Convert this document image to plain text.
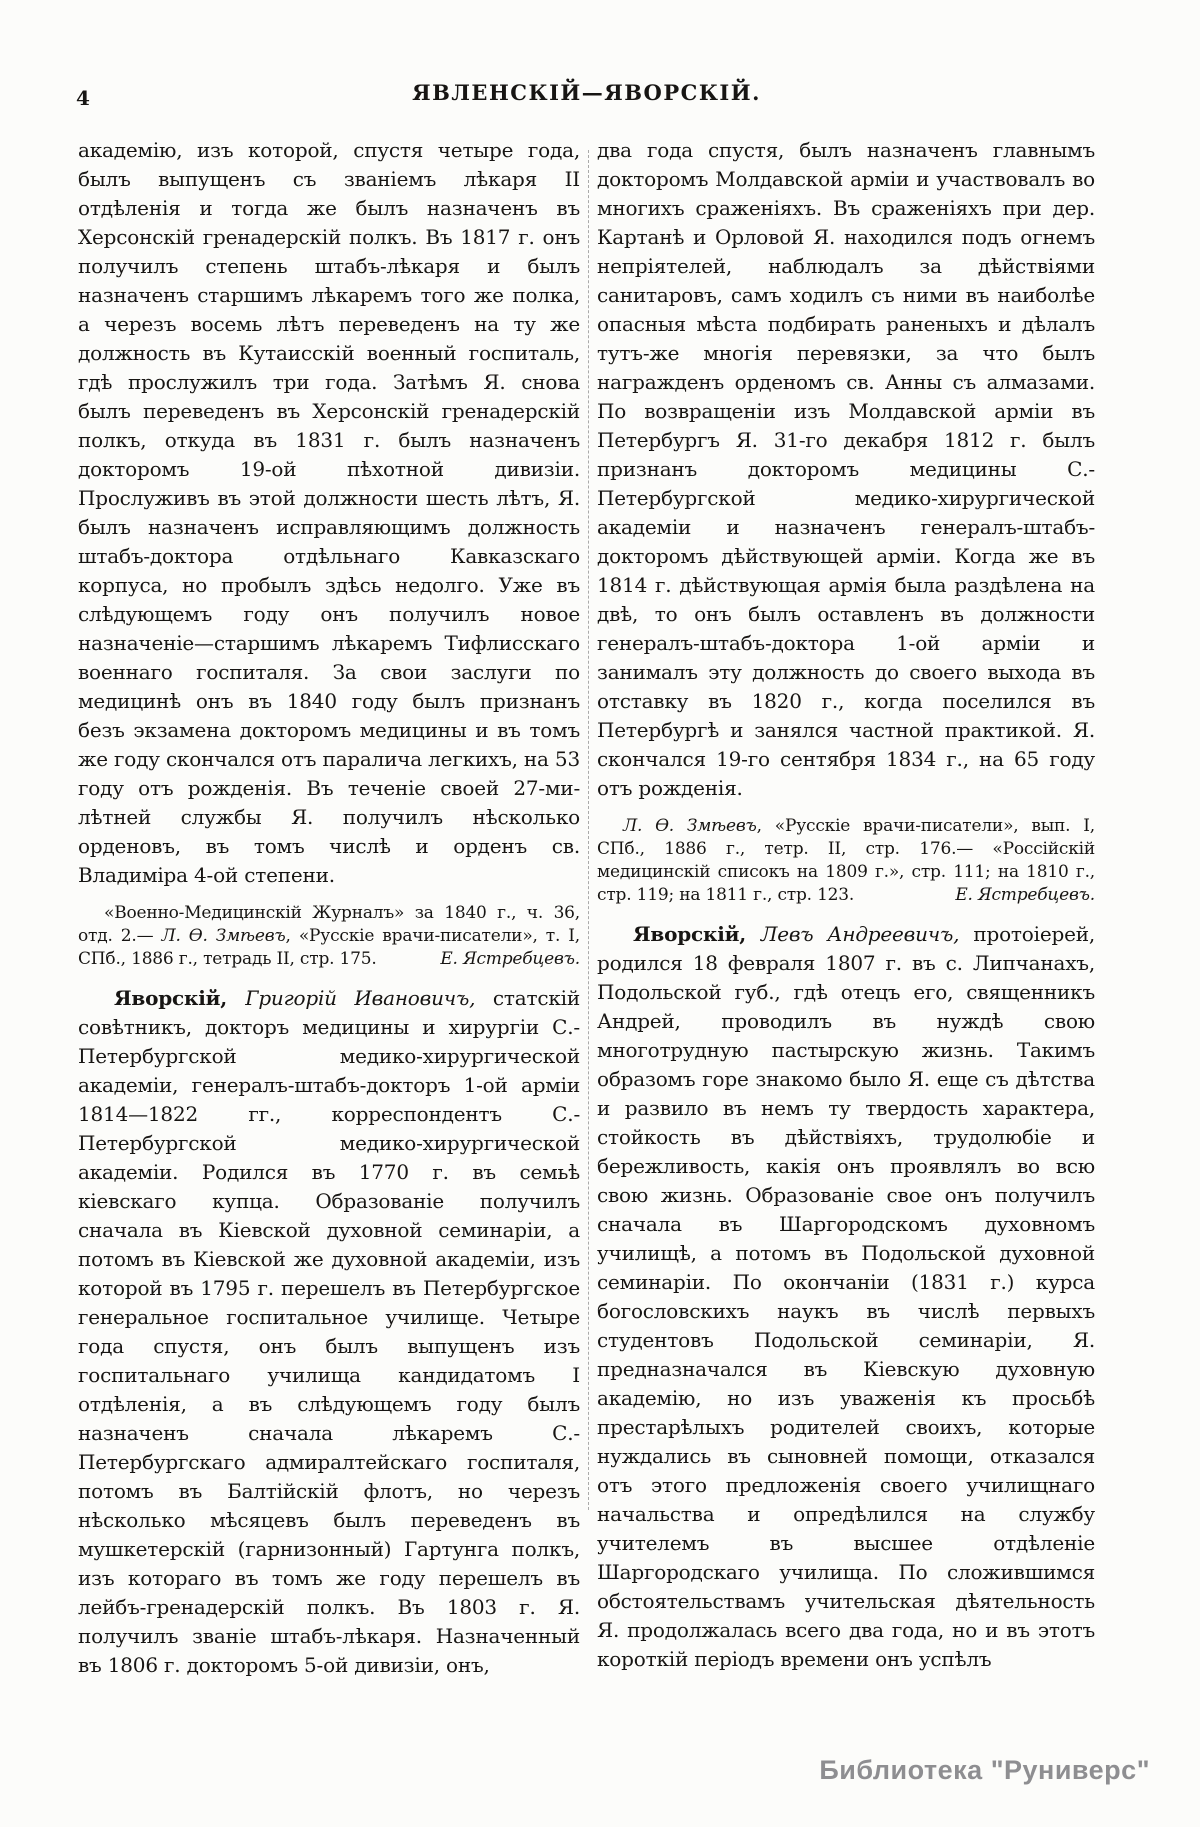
4	ЯВЛЕНСКІЙ—ЯВОРСКІЙ.

академію, изъ которой, спустя четыре года, былъ выпущенъ съ званіемъ лѣкаря II отдѣленія и тогда же былъ назначенъ въ Херсонскій гренадерскій полкъ. Въ 1817 г. онъ получилъ степень штабъ-лѣкаря и былъ назначенъ старшимъ лѣкаремъ того же полка, а черезъ восемь лѣтъ переведенъ на ту же должность въ Кутаисскій военный госпиталь, гдѣ прослужилъ три года. Затѣмъ Я. снова былъ переведенъ въ Херсонскій гренадерскій полкъ, откуда въ 1831 г. былъ назначенъ докторомъ 19-ой пѣхотной дивизіи. Прослуживъ въ этой должности шесть лѣтъ, Я. былъ назначенъ исправляющимъ должность штабъ-доктора отдѣльнаго Кавказскаго корпуса, но пробылъ здѣсь недолго. Уже въ слѣдующемъ году онъ получилъ новое назначеніе—старшимъ лѣкаремъ Тифлисскаго военнаго госпиталя. За свои заслуги по медицинѣ онъ въ 1840 году былъ признанъ безъ экзамена докторомъ медицины и въ томъ же году скончался отъ паралича легкихъ, на 53 году отъ рожденія. Въ теченіе своей 27-ми-лѣтней службы Я. получилъ нѣсколько орденовъ, въ томъ числѣ и орденъ св. Владиміра 4-ой степени.

«Военно-Медицинскій Журналъ» за 1840 г., ч. 36, отд. 2.— Л. Ѳ. Змѣевъ, «Русскіе врачи-писатели», т. I, СПб., 1886 г., тетрадь II, стр. 175.	Е. Ястребцевъ.

Яворскій, Григорій Ивановичъ, статскій совѣтникъ, докторъ медицины и хирургіи С.-Петербургской медико-хирургической академіи, генералъ-штабъ-докторъ 1-ой арміи 1814—1822 гг., корреспондентъ С.-Петербургской медико-хирургической академіи. Родился въ 1770 г. въ семьѣ кіевскаго купца. Образованіе получилъ сначала въ Кіевской духовной семинаріи, а потомъ въ Кіевской же духовной академіи, изъ которой въ 1795 г. перешелъ въ Петербургское генеральное госпитальное училище. Четыре года спустя, онъ былъ выпущенъ изъ госпитальнаго училища кандидатомъ I отдѣленія, а въ слѣдующемъ году былъ назначенъ сначала лѣкаремъ С.-Петербургскаго адмиралтейскаго госпиталя, потомъ въ Балтійскій флотъ, но черезъ нѣсколько мѣсяцевъ былъ переведенъ въ мушкетерскій (гарнизонный) Гартунга полкъ, изъ котораго въ томъ же году перешелъ въ лейбъ-гренадерскій полкъ. Въ 1803 г. Я. получилъ званіе штабъ-лѣкаря. Назначенный въ 1806 г. докторомъ 5-ой дивизіи, онъ,

два года спустя, былъ назначенъ главнымъ докторомъ Молдавской арміи и участвовалъ во многихъ сраженіяхъ. Въ сраженіяхъ при дер. Картанѣ и Орловой Я. находился подъ огнемъ непріятелей, наблюдалъ за дѣйствіями санитаровъ, самъ ходилъ съ ними въ наиболѣе опасныя мѣста подбирать раненыхъ и дѣлалъ тутъ-же многія перевязки, за что былъ награжденъ орденомъ св. Анны съ алмазами. По возвращеніи изъ Молдавской арміи въ Петербургъ Я. 31-го декабря 1812 г. былъ признанъ докторомъ медицины С.-Петербургской медико-хирургической академіи и назначенъ генералъ-штабъ-докторомъ дѣйствующей арміи. Когда же въ 1814 г. дѣйствующая армія была раздѣлена на двѣ, то онъ былъ оставленъ въ должности генералъ-штабъ-доктора 1-ой арміи и занималъ эту должность до своего выхода въ отставку въ 1820 г., когда поселился въ Петербургѣ и занялся частной практикой. Я. скончался 19-го сентября 1834 г., на 65 году отъ рожденія.

Л. Ѳ. Змѣевъ, «Русскіе врачи-писатели», вып. I, СПб., 1886 г., тетр. II, стр. 176.— «Россійскій медицинскій списокъ на 1809 г.», стр. 111; на 1810 г., стр. 119; на 1811 г., стр. 123.	Е. Ястребцевъ.

Яворскій, Левъ Андреевичъ, протоіерей, родился 18 февраля 1807 г. въ с. Липчанахъ, Подольской губ., гдѣ отецъ его, священникъ Андрей, проводилъ въ нуждѣ свою многотрудную пастырскую жизнь. Такимъ образомъ горе знакомо было Я. еще съ дѣтства и развило въ немъ ту твердость характера, стойкость въ дѣйствіяхъ, трудолюбіе и бережливость, какія онъ проявлялъ во всю свою жизнь. Образованіе свое онъ получилъ сначала въ Шаргородскомъ духовномъ училищѣ, а потомъ въ Подольской духовной семинаріи. По окончаніи (1831 г.) курса богословскихъ наукъ въ числѣ первыхъ студентовъ Подольской семинаріи, Я. предназначался въ Кіевскую духовную академію, но изъ уваженія къ просьбѣ престарѣлыхъ родителей своихъ, которые нуждались въ сыновней помощи, отказался отъ этого предложенія своего училищнаго начальства и опредѣлился на службу учителемъ въ высшее отдѣленіе Шаргородскаго училища. По сложившимся обстоятельствамъ учительская дѣятельность Я. продолжалась всего два года, но и въ этотъ короткій періодъ времени онъ успѣлъ

Библиотека "Руниверс"
